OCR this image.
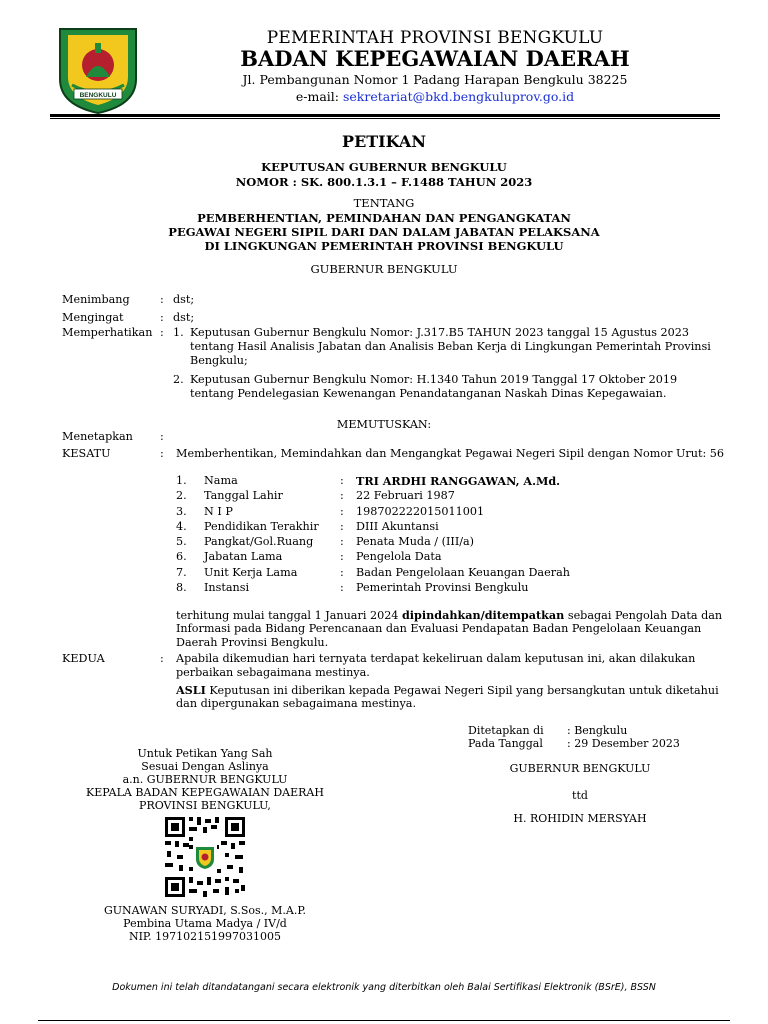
BENGKULU
PEMERINTAH PROVINSI BENGKULU
BADAN KEPEGAWAIAN DAERAH
Jl. Pembangunan Nomor 1 Padang Harapan Bengkulu 38225
e-mail: sekretariat@bkd.bengkuluprov.go.id
PETIKAN
KEPUTUSAN GUBERNUR BENGKULU
NOMOR : SK. 800.1.3.1 – F.1488 TAHUN 2023
TENTANG
PEMBERHENTIAN, PEMINDAHAN DAN PENGANGKATAN
PEGAWAI NEGERI SIPIL DARI DAN DALAM JABATAN PELAKSANA
DI LINGKUNGAN PEMERINTAH PROVINSI BENGKULU
GUBERNUR BENGKULU
Menimbang	: dst;
Mengingat	: dst;
Memperhatikan : 1. Keputusan Gubernur Bengkulu Nomor: J.317.B5 TAHUN 2023 tanggal 15 Agustus 2023
tentang Hasil Analisis Jabatan dan Analisis Beban Kerja di Lingkungan Pemerintah Provinsi
Bengkulu;
2. Keputusan Gubernur Bengkulu Nomor: H.1340 Tahun 2019 Tanggal 17 Oktober 2019
tentang Pendelegasian Kewenangan Penandatanganan Naskah Dinas Kepegawaian.
MEMUTUSKAN:
Menetapkan :
KESATU	: Memberhentikan, Memindahkan dan Mengangkat Pegawai Negeri Sipil dengan Nomor Urut: 56
1.	Nama	:	TRI ARDHI RANGGAWAN, A.Md.
2.	Tanggal Lahir	:	22 Februari 1987
3.	N I P	:	198702222015011001
4.	Pendidikan Terakhir	:	DIII Akuntansi
5.	Pangkat/Gol.Ruang	:	Penata Muda / (III/a)
6.	Jabatan Lama	:	Pengelola Data
7.	Unit Kerja Lama	:	Badan Pengelolaan Keuangan Daerah
8.	Instansi	:	Pemerintah Provinsi Bengkulu
terhitung mulai tanggal 1 Januari 2024 dipindahkan/ditempatkan sebagai Pengolah Data dan
Informasi pada Bidang Perencanaan dan Evaluasi Pendapatan Badan Pengelolaan Keuangan
Daerah Provinsi Bengkulu.
KEDUA	: Apabila dikemudian hari ternyata terdapat kekeliruan dalam keputusan ini, akan dilakukan
perbaikan sebagaimana mestinya.
ASLI Keputusan ini diberikan kepada Pegawai Negeri Sipil yang bersangkutan untuk diketahui
dan dipergunakan sebagaimana mestinya.
Ditetapkan di : Bengkulu
Pada Tanggal : 29 Desember 2023
GUBERNUR BENGKULU
ttd
H. ROHIDIN MERSYAH
Untuk Petikan Yang Sah
Sesuai Dengan Aslinya
a.n. GUBERNUR BENGKULU
KEPALA BADAN KEPEGAWAIAN DAERAH
PROVINSI BENGKULU,
GUNAWAN SURYADI, S.Sos., M.A.P.
Pembina Utama Madya / IV/d
NIP. 197102151997031005
Dokumen ini telah ditandatangani secara elektronik yang diterbitkan oleh Balai Sertifikasi Elektronik (BSrE), BSSN
